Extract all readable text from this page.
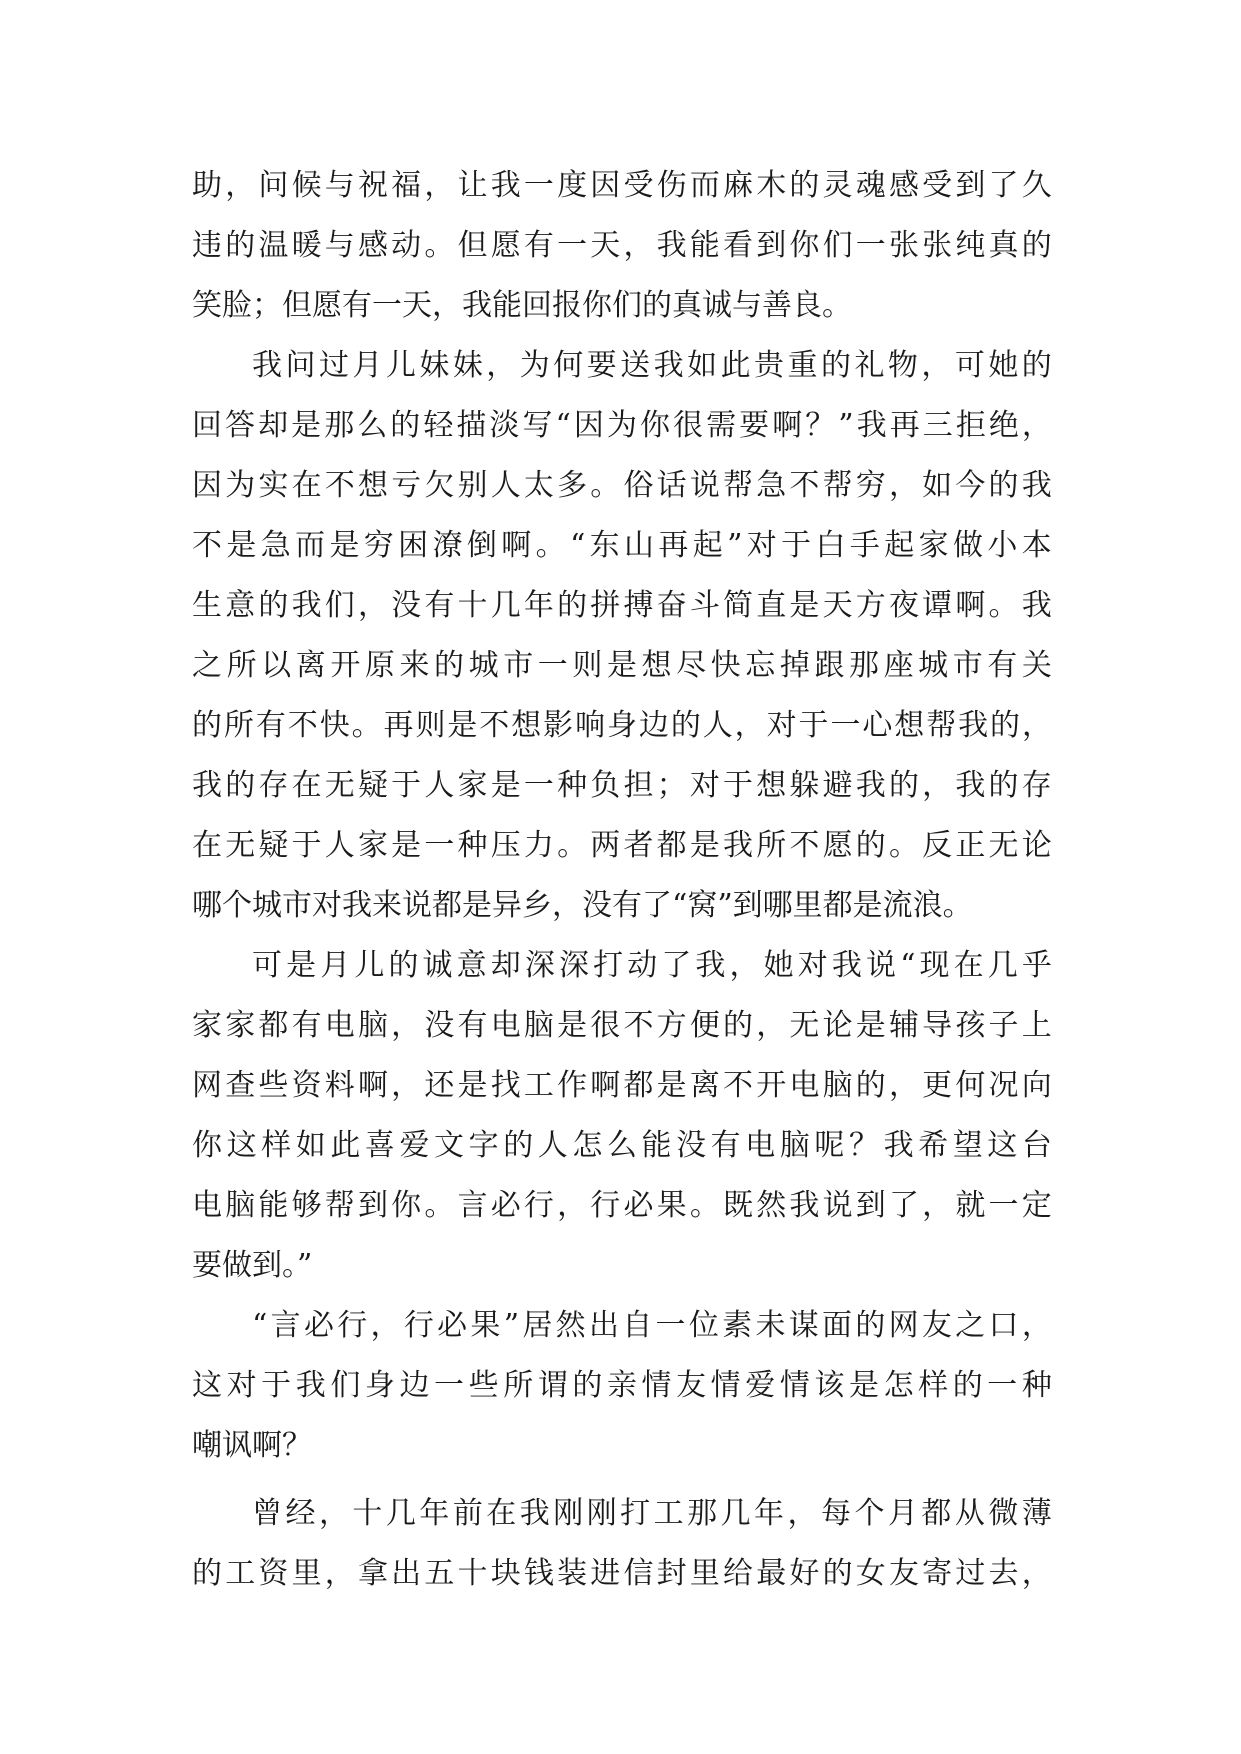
助 ， 问 候 与 祝 福 ， 让 我 一 度 因 受 伤 而 麻 木 的 灵 魂 感 受 到 了 久
违 的 温 暖 与 感 动 。 但 愿 有 一 天 ， 我 能 看 到 你 们 一 张 张 纯 真 的
笑脸；但愿有一天，我能回报你们的真诚与善良。
我 问 过 月 儿 妹 妹 ， 为 何 要 送 我 如 此 贵 重 的 礼 物 ， 可 她 的
回 答 却 是 那 么 的 轻 描 淡 写 “ 因 为 你 很 需 要 啊 ？ ” 我 再 三 拒 绝 ，
因 为 实 在 不 想 亏 欠 别 人 太 多 。 俗 话 说 帮 急 不 帮 穷 ， 如 今 的 我
不 是 急 而 是 穷 困 潦 倒 啊 。 “ 东 山 再 起 ” 对 于 白 手 起 家 做 小 本
生 意 的 我 们 ， 没 有 十 几 年 的 拼 搏 奋 斗 简 直 是 天 方 夜 谭 啊 。 我
之 所 以 离 开 原 来 的 城 市 一 则 是 想 尽 快 忘 掉 跟 那 座 城 市 有 关
的 所 有 不 快 。 再 则 是 不 想 影 响 身 边 的 人 ， 对 于 一 心 想 帮 我 的 ，
我 的 存 在 无 疑 于 人 家 是 一 种 负 担 ； 对 于 想 躲 避 我 的 ， 我 的 存
在 无 疑 于 人 家 是 一 种 压 力 。 两 者 都 是 我 所 不 愿 的 。 反 正 无 论
哪个城市对我来说都是异乡，没有了“窝”到哪里都是流浪。
可 是 月 儿 的 诚 意 却 深 深 打 动 了 我 ， 她 对 我 说 “ 现 在 几 乎
家 家 都 有 电 脑 ， 没 有 电 脑 是 很 不 方 便 的 ， 无 论 是 辅 导 孩 子 上
网 查 些 资 料 啊 ， 还 是 找 工 作 啊 都 是 离 不 开 电 脑 的 ， 更 何 况 向
你 这 样 如 此 喜 爱 文 字 的 人 怎 么 能 没 有 电 脑 呢 ？ 我 希 望 这 台
电 脑 能 够 帮 到 你 。 言 必 行 ， 行 必 果 。 既 然 我 说 到 了 ， 就 一 定
要做到。”
“ 言 必 行 ， 行 必 果 ” 居 然 出 自 一 位 素 未 谋 面 的 网 友 之 口 ，
这 对 于 我 们 身 边 一 些 所 谓 的 亲 情 友 情 爱 情 该 是 怎 样 的 一 种
嘲讽啊？
曾 经 ， 十 几 年 前 在 我 刚 刚 打 工 那 几 年 ， 每 个 月 都 从 微 薄
的 工 资 里 ， 拿 出 五 十 块 钱 装 进 信 封 里 给 最 好 的 女 友 寄 过 去 ，
